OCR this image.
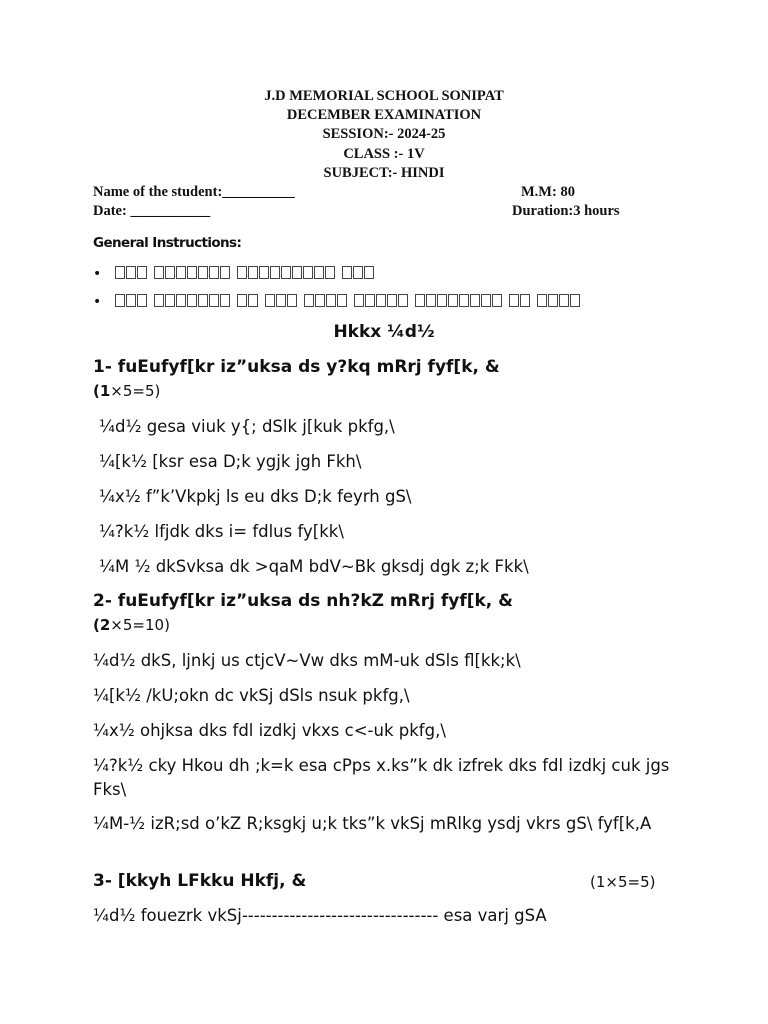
J.D MEMORIAL SCHOOL SONIPAT
DECEMBER EXAMINATION
SESSION:- 2024-25
CLASS :- 1V
SUBJECT:- HINDI
Name of the student:__________	M.M: 80
Date: ___________	Duration:3 hours
General Instructions:
•
•
Hkkx ¼d½
1- fuEufyf[kr iz”uksa ds y?kq mRrj fyf[k, &
(1×5=5)
¼d½ gesa viuk y{; dSlk j[kuk pkfg,\
¼[k½ [ksr esa D;k ygjk jgh Fkh\
¼x½ f”k’Vkpkj ls eu dks D;k feyrh gS\
¼?k½ lfjdk dks i= fdlus fy[kk\
¼M ½ dkSvksa dk >qaM bdV~Bk gksdj dgk z;k Fkk\
2- fuEufyf[kr iz”uksa ds nh?kZ mRrj fyf[k, &
(2×5=10)
¼d½ dkS, ljnkj us ctjcV~Vw dks mM-uk dSls fl[kk;k\
¼[k½ /kU;okn dc vkSj dSls nsuk pkfg,\
¼x½ ohjksa dks fdl izdkj vkxs c<-uk pkfg,\
¼?k½ cky Hkou dh ;k=k esa cPps x.ks”k dk izfrek dks fdl izdkj cuk jgs Fks\
¼M-½ izR;sd o’kZ R;ksgkj u;k tks”k vkSj mRlkg ysdj vkrs gS\ fyf[k,A
3- [kkyh LFkku Hkfj, &	(1×5=5)
¼d½ fouezrk vkSj--------------------------------- esa varj gSA
